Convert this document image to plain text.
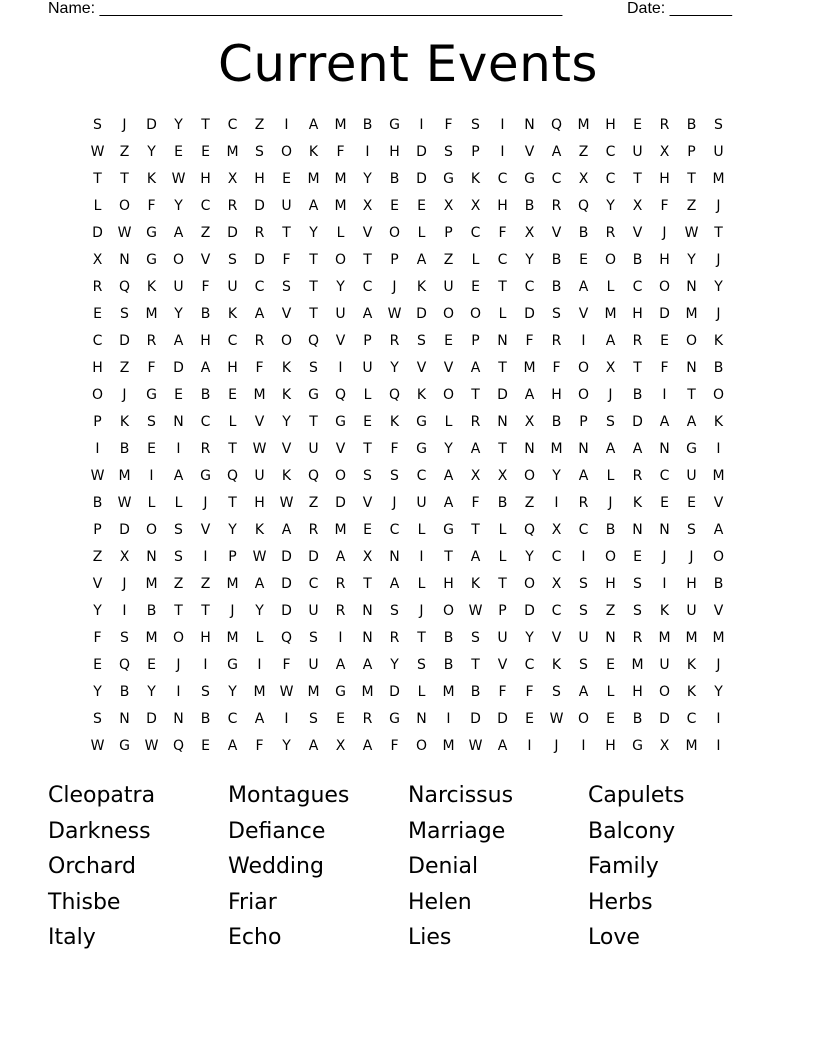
Name: ____________________________________________________

	Date: _______

Current Events
S	J	D	Y	T	C	Z	I	A	M	B	G	I	F	S	I	N	Q	M	H	E	R	B	S
W	Z	Y	E	E	M	S	O	K	F	I	H	D	S	P	I	V	A	Z	C	U	X	P	U
T	T	K	W	H	X	H	E	M	M	Y	B	D	G	K	C	G	C	X	C	T	H	T	M
L	O	F	Y	C	R	D	U	A	M	X	E	E	X	X	H	B	R	Q	Y	X	F	Z	J
D	W	G	A	Z	D	R	T	Y	L	V	O	L	P	C	F	X	V	B	R	V	J	W	T
X	N	G	O	V	S	D	F	T	O	T	P	A	Z	L	C	Y	B	E	O	B	H	Y	J
R	Q	K	U	F	U	C	S	T	Y	C	J	K	U	E	T	C	B	A	L	C	O	N	Y
E	S	M	Y	B	K	A	V	T	U	A	W	D	O	O	L	D	S	V	M	H	D	M	J
C	D	R	A	H	C	R	O	Q	V	P	R	S	E	P	N	F	R	I	A	R	E	O	K
H	Z	F	D	A	H	F	K	S	I	U	Y	V	V	A	T	M	F	O	X	T	F	N	B
O	J	G	E	B	E	M	K	G	Q	L	Q	K	O	T	D	A	H	O	J	B	I	T	O
P	K	S	N	C	L	V	Y	T	G	E	K	G	L	R	N	X	B	P	S	D	A	A	K
I	B	E	I	R	T	W	V	U	V	T	F	G	Y	A	T	N	M	N	A	A	N	G	I
W	M	I	A	G	Q	U	K	Q	O	S	S	C	A	X	X	O	Y	A	L	R	C	U	M
B	W	L	L	J	T	H	W	Z	D	V	J	U	A	F	B	Z	I	R	J	K	E	E	V
P	D	O	S	V	Y	K	A	R	M	E	C	L	G	T	L	Q	X	C	B	N	N	S	A
Z	X	N	S	I	P	W	D	D	A	X	N	I	T	A	L	Y	C	I	O	E	J	J	O
V	J	M	Z	Z	M	A	D	C	R	T	A	L	H	K	T	O	X	S	H	S	I	H	B
Y	I	B	T	T	J	Y	D	U	R	N	S	J	O	W	P	D	C	S	Z	S	K	U	V
F	S	M	O	H	M	L	Q	S	I	N	R	T	B	S	U	Y	V	U	N	R	M	M	M
E	Q	E	J	I	G	I	F	U	A	A	Y	S	B	T	V	C	K	S	E	M	U	K	J
Y	B	Y	I	S	Y	M	W	M	G	M	D	L	M	B	F	F	S	A	L	H	O	K	Y
S	N	D	N	B	C	A	I	S	E	R	G	N	I	D	D	E	W	O	E	B	D	C	I
W	G	W	Q	E	A	F	Y	A	X	A	F	O	M	W	A	I	J	I	H	G	X	M	I
Cleopatra	Montagues	Narcissus	Capulets
Darkness	Defiance	Marriage	Balcony
Orchard	Wedding	Denial	Family
Thisbe	Friar	Helen	Herbs
Italy	Echo	Lies	Love
